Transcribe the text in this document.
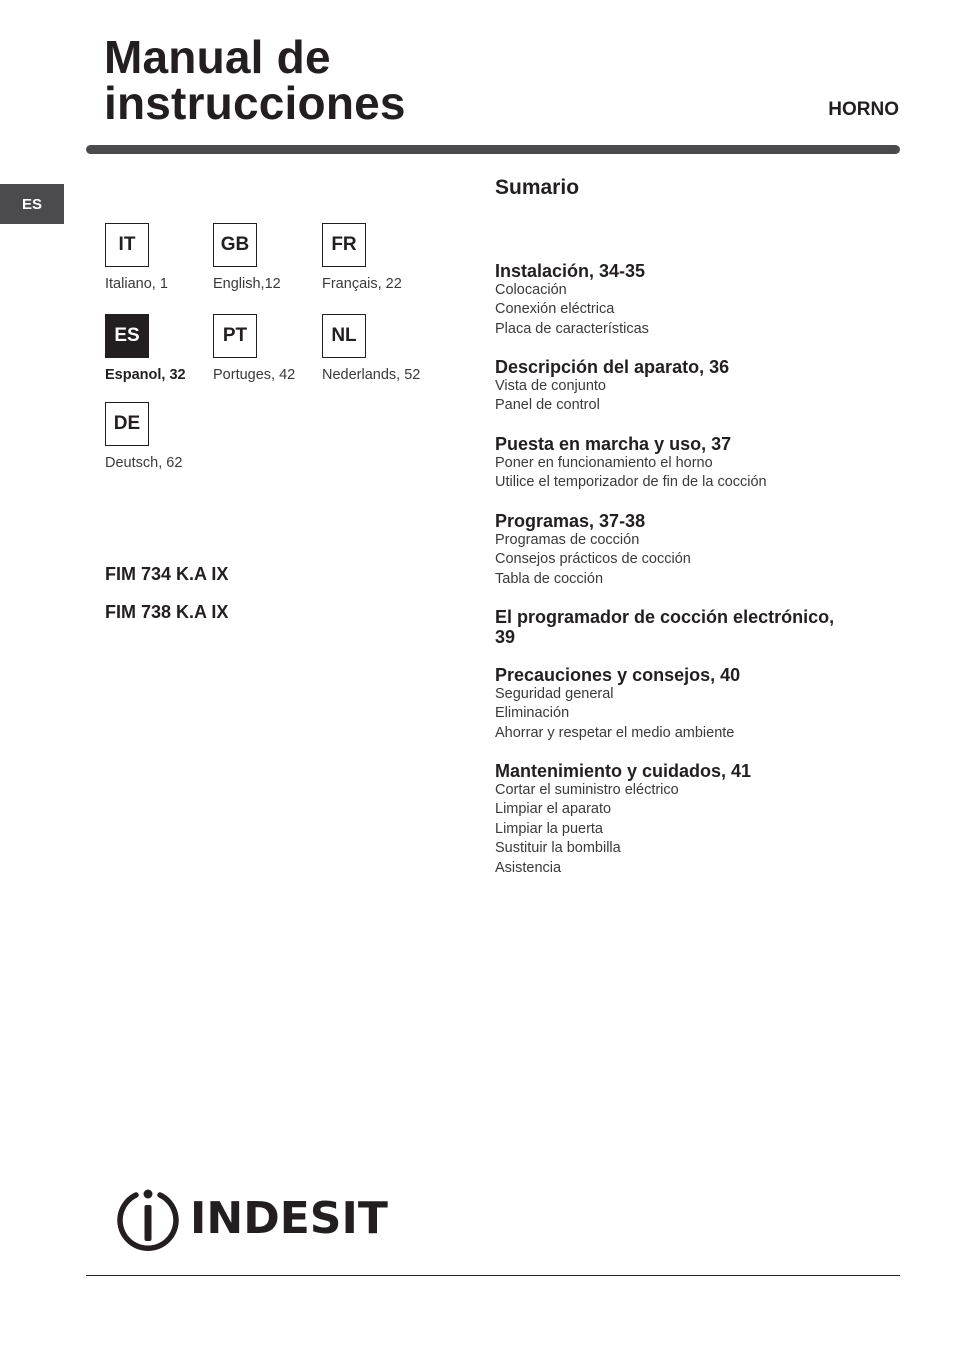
Manual de
instrucciones	HORNO
ES
IT
Italiano, 1
GB
English,12
FR
Français, 22
ES
Espanol, 32
PT
Portuges, 42
NL
Nederlands, 52
DE
Deutsch, 62
FIM 734 K.A IX
FIM 738 K.A IX
Sumario
Instalación, 34-35
Colocación
Conexión eléctrica
Placa de características
Descripción del aparato, 36
Vista de conjunto
Panel de control
Puesta en marcha y uso, 37
Poner en funcionamiento el horno
Utilice el temporizador de fin de la cocción
Programas, 37-38
Programas de cocción
Consejos prácticos de cocción
Tabla de cocción
El programador de cocción electrónico,
39
Precauciones y consejos, 40
Seguridad general
Eliminación
Ahorrar y respetar el medio ambiente
Mantenimiento y cuidados, 41
Cortar el suministro eléctrico
Limpiar el aparato
Limpiar la puerta
Sustituir la bombilla
Asistencia
INDESIT
